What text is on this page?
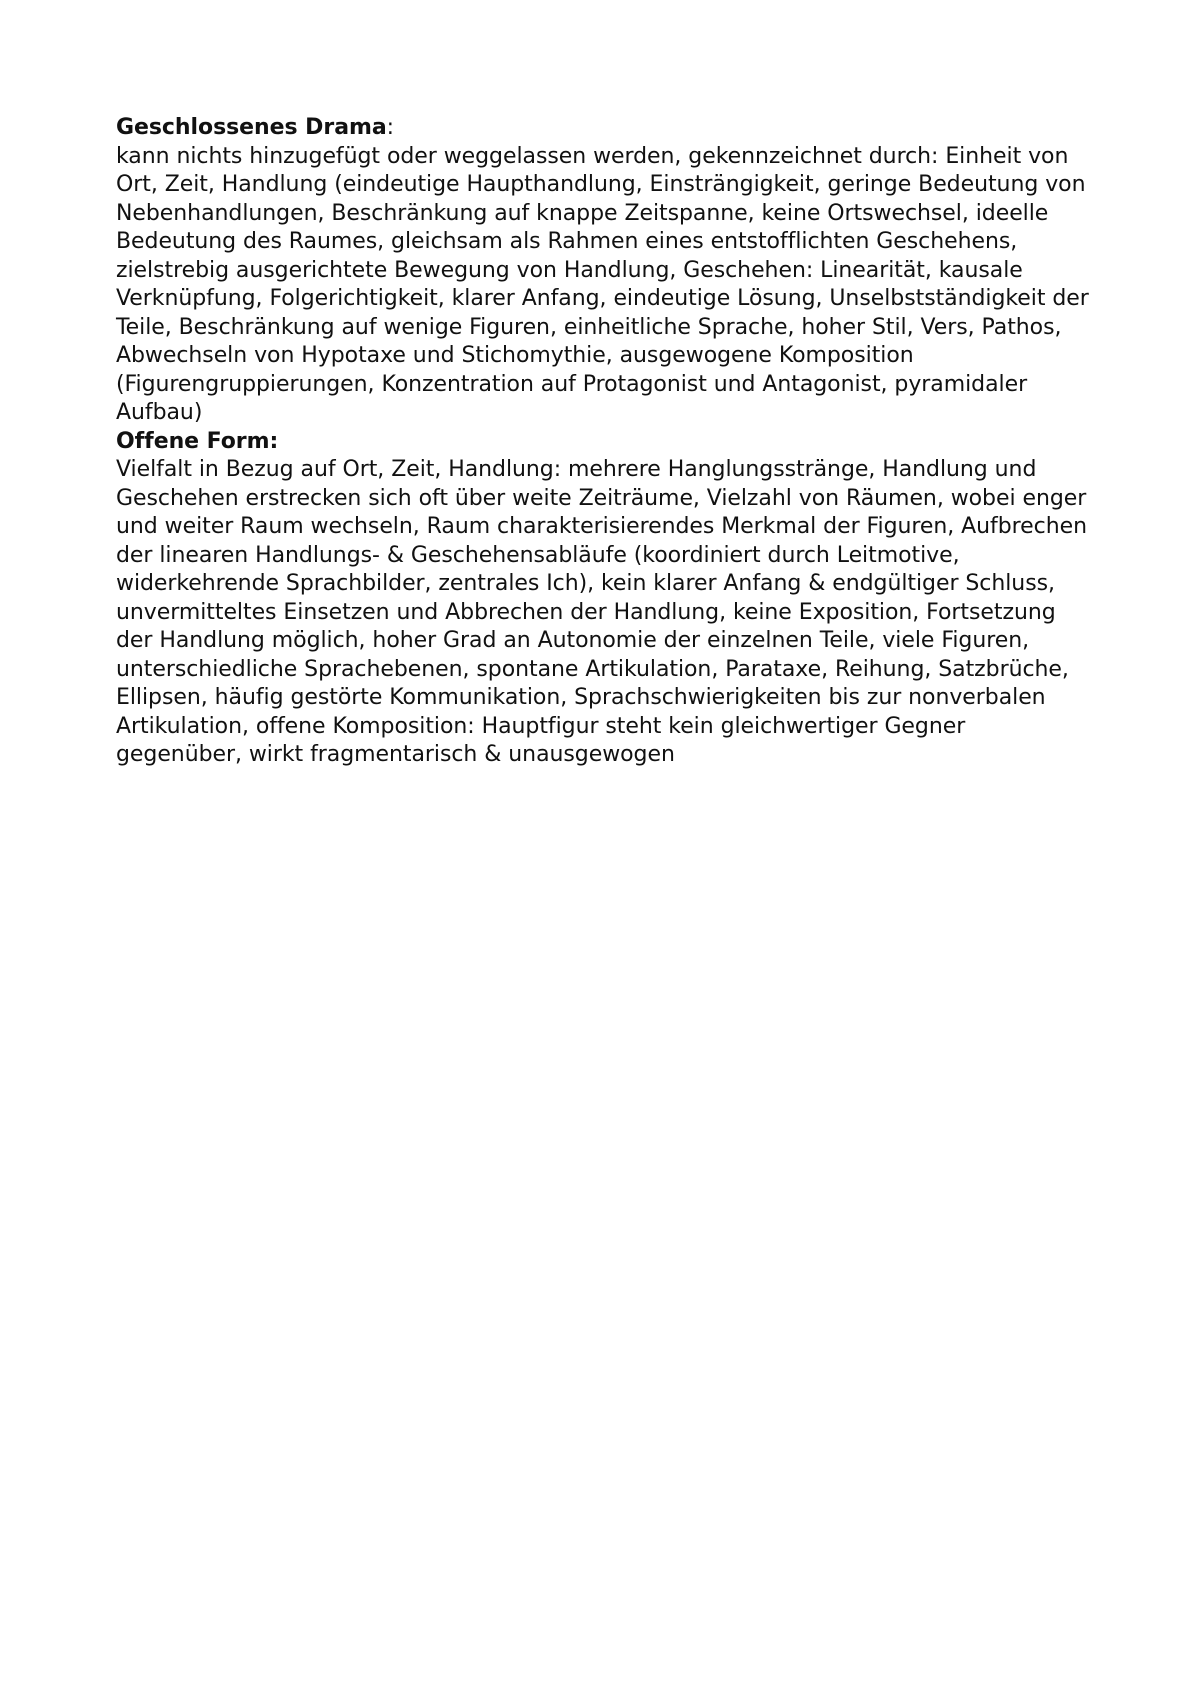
Geschlossenes Drama:

kann nichts hinzugefügt oder weggelassen werden, gekennzeichnet durch: Einheit von Ort, Zeit, Handlung (eindeutige Haupthandlung, Einsträngigkeit, geringe Bedeutung von Nebenhandlungen, Beschränkung auf knappe Zeitspanne, keine Ortswechsel, ideelle Bedeutung des Raumes, gleichsam als Rahmen eines entstofflichten Geschehens, zielstrebig ausgerichtete Bewegung von Handlung, Geschehen: Linearität, kausale Verknüpfung, Folgerichtigkeit, klarer Anfang, eindeutige Lösung, Unselbstständigkeit der Teile, Beschränkung auf wenige Figuren, einheitliche Sprache, hoher Stil, Vers, Pathos, Abwechseln von Hypotaxe und Stichomythie, ausgewogene Komposition (Figurengruppierungen, Konzentration auf Protagonist und Antagonist, pyramidaler Aufbau)

Offene Form:

Vielfalt in Bezug auf Ort, Zeit, Handlung: mehrere Hanglungsstränge, Handlung und Geschehen erstrecken sich oft über weite Zeiträume, Vielzahl von Räumen, wobei enger und weiter Raum wechseln, Raum charakterisierendes Merkmal der Figuren, Aufbrechen der linearen Handlungs- & Geschehensabläufe (koordiniert durch Leitmotive, widerkehrende Sprachbilder, zentrales Ich), kein klarer Anfang & endgültiger Schluss, unvermitteltes Einsetzen und Abbrechen der Handlung, keine Exposition, Fortsetzung der Handlung möglich, hoher Grad an Autonomie der einzelnen Teile, viele Figuren, unterschiedliche Sprachebenen, spontane Artikulation, Parataxe, Reihung, Satzbrüche, Ellipsen, häufig gestörte Kommunikation, Sprachschwierigkeiten bis zur nonverbalen Artikulation, offene Komposition: Hauptfigur steht kein gleichwertiger Gegner gegenüber, wirkt fragmentarisch & unausgewogen
